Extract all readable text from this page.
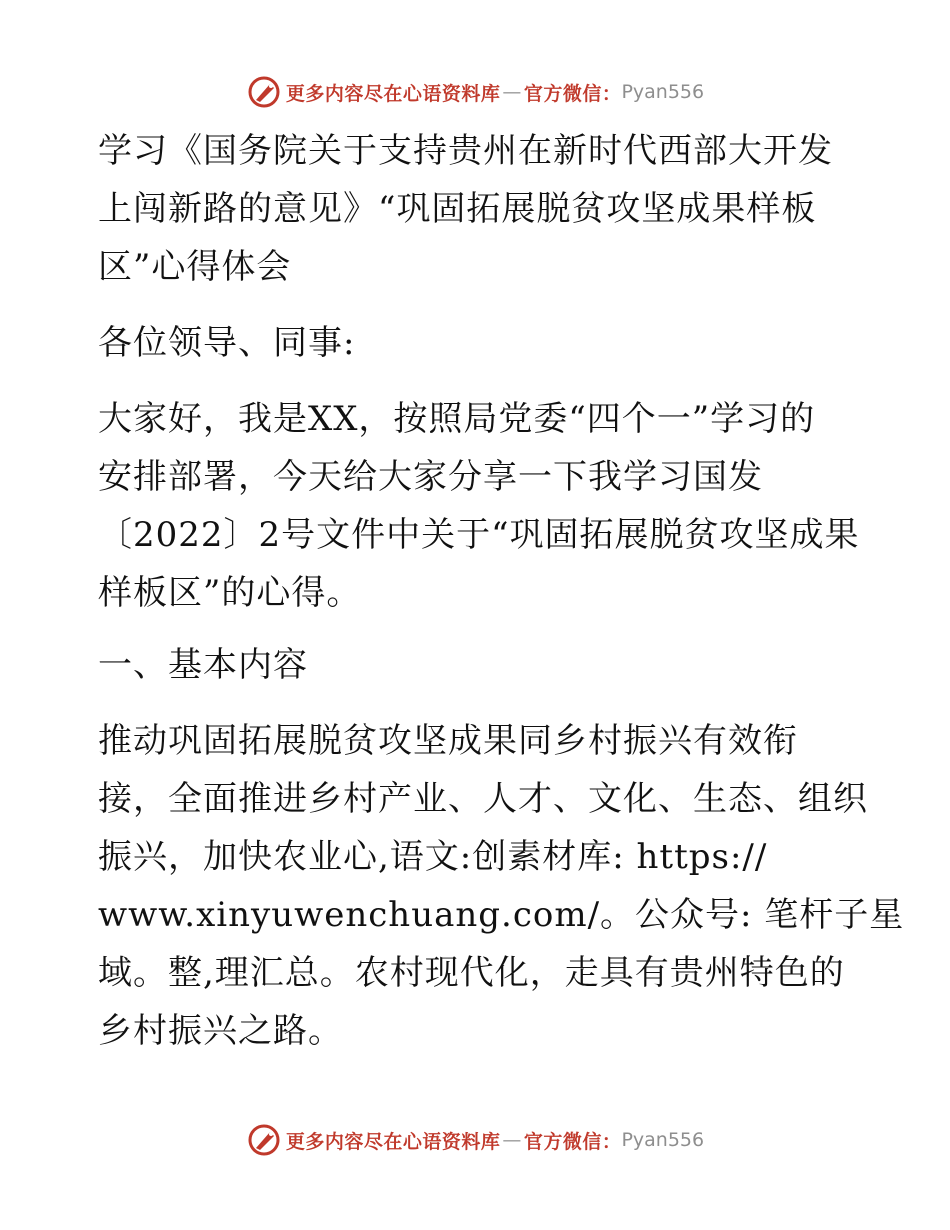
更多内容尽在心语资料库 — 官方微信： Pyan556
学习《国务院关于支持贵州在新时代西部大开发
上闯新路的意见》“巩固拓展脱贫攻坚成果样板
区”心得体会
各位领导、同事:
大家好，我是XX，按照局党委“四个一”学习的
安排部署，今天给大家分享一下我学习国发
〔2022〕2号文件中关于“巩固拓展脱贫攻坚成果
样板区”的心得。
一、基本内容
推动巩固拓展脱贫攻坚成果同乡村振兴有效衔
接，全面推进乡村产业、人才、文化、生态、组织
振兴，加快农业心,语文:创素材库: https://
www.xinyuwenchuang.com/。公众号: 笔杆子星
域。整,理汇总。农村现代化，走具有贵州特色的
乡村振兴之路。
更多内容尽在心语资料库 — 官方微信： Pyan556
